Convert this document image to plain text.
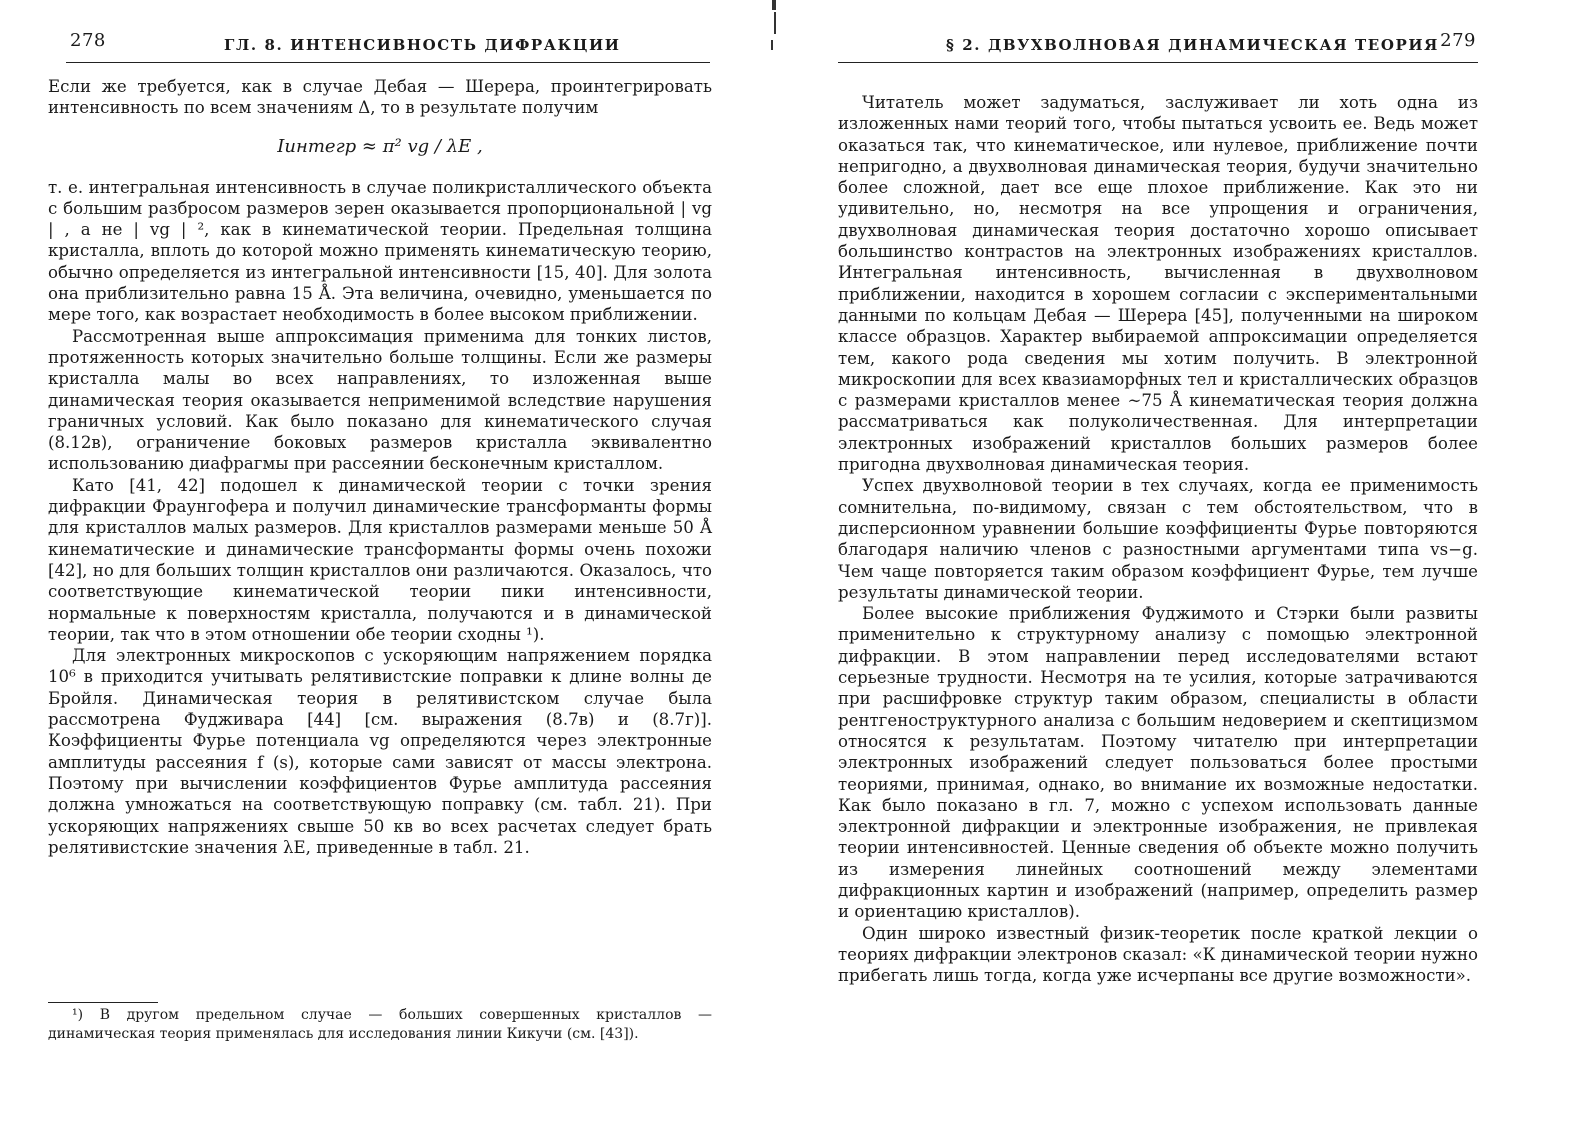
278	ГЛ. 8. ИНТЕНСИВНОСТЬ ДИФРАКЦИИ

Если же требуется, как в случае Дебая — Шерера, проинтегрировать интенсивность по всем значениям Δ, то в результате получим

Iинтегр ≈ π² vg / λE ,

т. е. интегральная интенсивность в случае поликристаллического объекта с большим разбросом размеров зерен оказывается пропорциональной | vg | , а не | vg | ², как в кинематической теории. Предельная толщина кристалла, вплоть до которой можно применять кинематическую теорию, обычно определяется из интегральной интенсивности [15, 40]. Для золота она приблизительно равна 15 Å. Эта величина, очевидно, уменьшается по мере того, как возрастает необходимость в более высоком приближении.

Рассмотренная выше аппроксимация применима для тонких листов, протяженность которых значительно больше толщины. Если же размеры кристалла малы во всех направлениях, то изложенная выше динамическая теория оказывается неприменимой вследствие нарушения граничных условий. Как было показано для кинематического случая (8.12в), ограничение боковых размеров кристалла эквивалентно использованию диафрагмы при рассеянии бесконечным кристаллом.

Като [41, 42] подошел к динамической теории с точки зрения дифракции Фраунгофера и получил динамические трансформанты формы для кристаллов малых размеров. Для кристаллов размерами меньше 50 Å кинематические и динамические трансформанты формы очень похожи [42], но для больших толщин кристаллов они различаются. Оказалось, что соответствующие кинематической теории пики интенсивности, нормальные к поверхностям кристалла, получаются и в динамической теории, так что в этом отношении обе теории сходны ¹).

Для электронных микроскопов с ускоряющим напряжением порядка 10⁶ в приходится учитывать релятивистские поправки к длине волны де Бройля. Динамическая теория в релятивистском случае была рассмотрена Фудживара [44] [см. выражения (8.7в) и (8.7г)]. Коэффициенты Фурье потенциала vg определяются через электронные амплитуды рассеяния f (s), которые сами зависят от массы электрона. Поэтому при вычислении коэффициентов Фурье амплитуда рассеяния должна умножаться на соответствующую поправку (см. табл. 21). При ускоряющих напряжениях свыше 50 кв во всех расчетах следует брать релятивистские значения λE, приведенные в табл. 21.

¹) В другом предельном случае — больших совершенных кристаллов — динамическая теория применялась для исследования линии Кикучи (см. [43]).
§ 2. ДВУХВОЛНОВАЯ ДИНАМИЧЕСКАЯ ТЕОРИЯ 279

Читатель может задуматься, заслуживает ли хоть одна из изложенных нами теорий того, чтобы пытаться усвоить ее. Ведь может оказаться так, что кинематическое, или нулевое, приближение почти непригодно, а двухволновая динамическая теория, будучи значительно более сложной, дает все еще плохое приближение. Как это ни удивительно, но, несмотря на все упрощения и ограничения, двухволновая динамическая теория достаточно хорошо описывает большинство контрастов на электронных изображениях кристаллов. Интегральная интенсивность, вычисленная в двухволновом приближении, находится в хорошем согласии с экспериментальными данными по кольцам Дебая — Шерера [45], полученными на широком классе образцов. Характер выбираемой аппроксимации определяется тем, какого рода сведения мы хотим получить. В электронной микроскопии для всех квазиаморфных тел и кристаллических образцов с размерами кристаллов менее ∼75 Å кинематическая теория должна рассматриваться как полуколичественная. Для интерпретации электронных изображений кристаллов больших размеров более пригодна двухволновая динамическая теория.

Успех двухволновой теории в тех случаях, когда ее применимость сомнительна, по-видимому, связан с тем обстоятельством, что в дисперсионном уравнении большие коэффициенты Фурье повторяются благодаря наличию членов с разностными аргументами типа vs−g. Чем чаще повторяется таким образом коэффициент Фурье, тем лучше результаты динамической теории.

Более высокие приближения Фуджимото и Стэрки были развиты применительно к структурному анализу с помощью электронной дифракции. В этом направлении перед исследователями встают серьезные трудности. Несмотря на те усилия, которые затрачиваются при расшифровке структур таким образом, специалисты в области рентгеноструктурного анализа с большим недоверием и скептицизмом относятся к результатам. Поэтому читателю при интерпретации электронных изображений следует пользоваться более простыми теориями, принимая, однако, во внимание их возможные недостатки. Как было показано в гл. 7, можно с успехом использовать данные электронной дифракции и электронные изображения, не привлекая теории интенсивностей. Ценные сведения об объекте можно получить из измерения линейных соотношений между элементами дифракционных картин и изображений (например, определить размер и ориентацию кристаллов).

Один широко известный физик-теоретик после краткой лекции о теориях дифракции электронов сказал: «К динамической теории нужно прибегать лишь тогда, когда уже исчерпаны все другие возможности».
